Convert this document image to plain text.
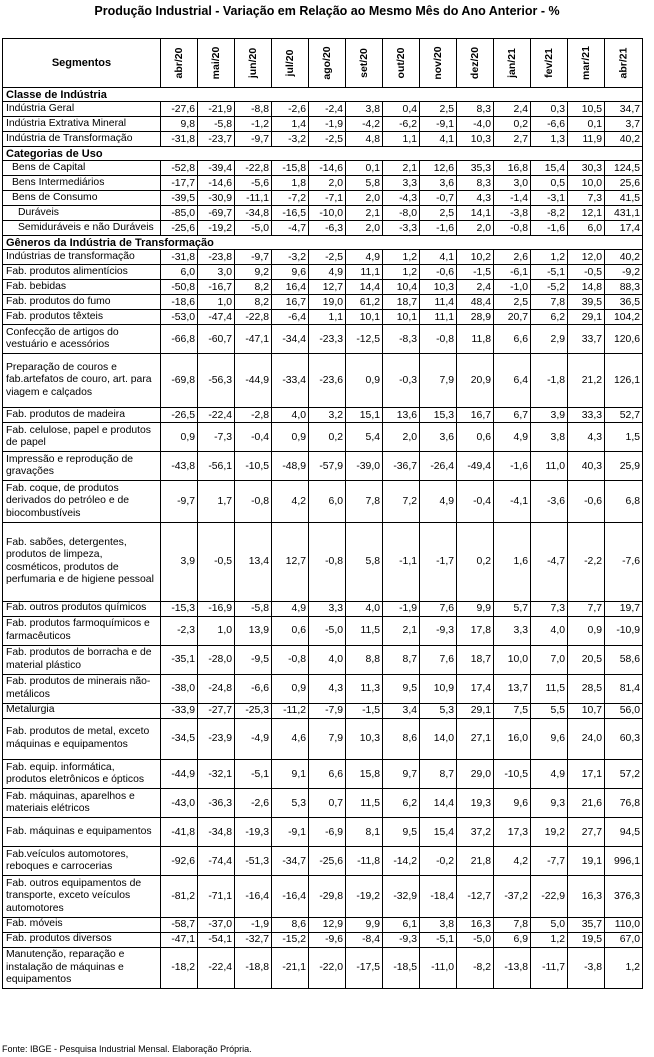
Produção Industrial - Variação em Relação ao Mesmo Mês do Ano Anterior - %
Segmentos	abr/20	mai/20	jun/20	jul/20	ago/20	set/20	out/20	nov/20	dez/20	jan/21	fev/21	mar/21	abr/21

Classe de Indústria													
Indústria Geral	-27,6	-21,9	-8,8	-2,6	-2,4	3,8	0,4	2,5	8,3	2,4	0,3	10,5	34,7
Indústria Extrativa Mineral	9,8	-5,8	-1,2	1,4	-1,9	-4,2	-6,2	-9,1	-4,0	0,2	-6,6	0,1	3,7
Indústria de Transformação	-31,8	-23,7	-9,7	-3,2	-2,5	4,8	1,1	4,1	10,3	2,7	1,3	11,9	40,2
Categorias de Uso													
Bens de Capital	-52,8	-39,4	-22,8	-15,8	-14,6	0,1	2,1	12,6	35,3	16,8	15,4	30,3	124,5
Bens Intermediários	-17,7	-14,6	-5,6	1,8	2,0	5,8	3,3	3,6	8,3	3,0	0,5	10,0	25,6
Bens de Consumo	-39,5	-30,9	-11,1	-7,2	-7,1	2,0	-4,3	-0,7	4,3	-1,4	-3,1	7,3	41,5
Duráveis	-85,0	-69,7	-34,8	-16,5	-10,0	2,1	-8,0	2,5	14,1	-3,8	-8,2	12,1	431,1
Semiduráveis e não Duráveis	-25,6	-19,2	-5,0	-4,7	-6,3	2,0	-3,3	-1,6	2,0	-0,8	-1,6	6,0	17,4
Gêneros da Indústria de Transformação													
Indústrias de transformação	-31,8	-23,8	-9,7	-3,2	-2,5	4,9	1,2	4,1	10,2	2,6	1,2	12,0	40,2
Fab. produtos alimentícios	6,0	3,0	9,2	9,6	4,9	11,1	1,2	-0,6	-1,5	-6,1	-5,1	-0,5	-9,2
Fab. bebidas	-50,8	-16,7	8,2	16,4	12,7	14,4	10,4	10,3	2,4	-1,0	-5,2	14,8	88,3
Fab. produtos do fumo	-18,6	1,0	8,2	16,7	19,0	61,2	18,7	11,4	48,4	2,5	7,8	39,5	36,5
Fab. produtos têxteis	-53,0	-47,4	-22,8	-6,4	1,1	10,1	10,1	11,1	28,9	20,7	6,2	29,1	104,2
Confecção de artigos do vestuário e acessórios	-66,8	-60,7	-47,1	-34,4	-23,3	-12,5	-8,3	-0,8	11,8	6,6	2,9	33,7	120,6
Preparação de couros e fab.artefatos de couro, art. para viagem e calçados	-69,8	-56,3	-44,9	-33,4	-23,6	0,9	-0,3	7,9	20,9	6,4	-1,8	21,2	126,1
Fab. produtos de madeira	-26,5	-22,4	-2,8	4,0	3,2	15,1	13,6	15,3	16,7	6,7	3,9	33,3	52,7
Fab. celulose, papel e produtos de papel	0,9	-7,3	-0,4	0,9	0,2	5,4	2,0	3,6	0,6	4,9	3,8	4,3	1,5
Impressão e reprodução de gravações	-43,8	-56,1	-10,5	-48,9	-57,9	-39,0	-36,7	-26,4	-49,4	-1,6	11,0	40,3	25,9
Fab. coque, de produtos derivados do petróleo e de biocombustíveis	-9,7	1,7	-0,8	4,2	6,0	7,8	7,2	4,9	-0,4	-4,1	-3,6	-0,6	6,8
Fab. sabões, detergentes, produtos de limpeza, cosméticos, produtos de perfumaria e de higiene pessoal	3,9	-0,5	13,4	12,7	-0,8	5,8	-1,1	-1,7	0,2	1,6	-4,7	-2,2	-7,6
Fab. outros produtos químicos	-15,3	-16,9	-5,8	4,9	3,3	4,0	-1,9	7,6	9,9	5,7	7,3	7,7	19,7
Fab. produtos farmoquímicos e farmacêuticos	-2,3	1,0	13,9	0,6	-5,0	11,5	2,1	-9,3	17,8	3,3	4,0	0,9	-10,9
Fab. produtos de borracha e de material plástico	-35,1	-28,0	-9,5	-0,8	4,0	8,8	8,7	7,6	18,7	10,0	7,0	20,5	58,6
Fab. produtos de minerais não-metálicos	-38,0	-24,8	-6,6	0,9	4,3	11,3	9,5	10,9	17,4	13,7	11,5	28,5	81,4
Metalurgia	-33,9	-27,7	-25,3	-11,2	-7,9	-1,5	3,4	5,3	29,1	7,5	5,5	10,7	56,0
Fab. produtos de metal, exceto máquinas e equipamentos	-34,5	-23,9	-4,9	4,6	7,9	10,3	8,6	14,0	27,1	16,0	9,6	24,0	60,3
Fab. equip. informática, produtos eletrônicos e ópticos	-44,9	-32,1	-5,1	9,1	6,6	15,8	9,7	8,7	29,0	-10,5	4,9	17,1	57,2
Fab. máquinas, aparelhos e materiais elétricos	-43,0	-36,3	-2,6	5,3	0,7	11,5	6,2	14,4	19,3	9,6	9,3	21,6	76,8
Fab. máquinas e equipamentos	-41,8	-34,8	-19,3	-9,1	-6,9	8,1	9,5	15,4	37,2	17,3	19,2	27,7	94,5
Fab.veículos automotores, reboques e carrocerias	-92,6	-74,4	-51,3	-34,7	-25,6	-11,8	-14,2	-0,2	21,8	4,2	-7,7	19,1	996,1
Fab. outros equipamentos de transporte, exceto veículos automotores	-81,2	-71,1	-16,4	-16,4	-29,8	-19,2	-32,9	-18,4	-12,7	-37,2	-22,9	16,3	376,3
Fab. móveis	-58,7	-37,0	-1,9	8,6	12,9	9,9	6,1	3,8	16,3	7,8	5,0	35,7	110,0
Fab. produtos diversos	-47,1	-54,1	-32,7	-15,2	-9,6	-8,4	-9,3	-5,1	-5,0	6,9	1,2	19,5	67,0
Manutenção, reparação e instalação de máquinas e equipamentos	-18,2	-22,4	-18,8	-21,1	-22,0	-17,5	-18,5	-11,0	-8,2	-13,8	-11,7	-3,8	1,2
Fonte: IBGE - Pesquisa Industrial Mensal. Elaboração Própria.
